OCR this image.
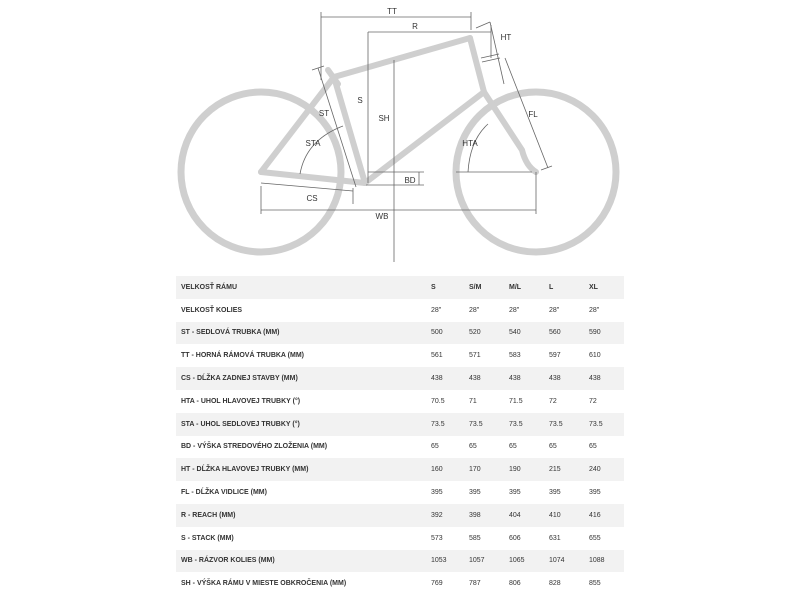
TT
R
HT
ST
S
SH	FL
STA	HTA
BD
CS
WB
VELKOSŤ RÁMU	S	S/M	M/L	L	XL
VELKOSŤ KOLIES	28"	28"	28"	28"	28"
ST - SEDLOVÁ TRUBKA (MM)	500	520	540	560	590
TT - HORNÁ RÁMOVÁ TRUBKA (MM)	561	571	583	597	610
CS - DĹŽKA ZADNEJ STAVBY (MM)	438	438	438	438	438
HTA - UHOL HLAVOVEJ TRUBKY (°)	70.5	71	71.5	72	72
STA - UHOL SEDLOVEJ TRUBKY (°)	73.5	73.5	73.5	73.5	73.5
BD - VÝŠKA STREDOVÉHO ZLOŽENIA (MM)	65	65	65	65	65
HT - DĹŽKA HLAVOVEJ TRUBKY (MM)	160	170	190	215	240
FL - DĹŽKA VIDLICE (MM)	395	395	395	395	395
R - REACH (MM)	392	398	404	410	416
S - STACK (MM)	573	585	606	631	655
WB - RÁZVOR KOLIES (MM)	1053	1057	1065	1074	1088
SH - VÝŠKA RÁMU V MIESTE OBKROČENIA (MM)	769	787	806	828	855
